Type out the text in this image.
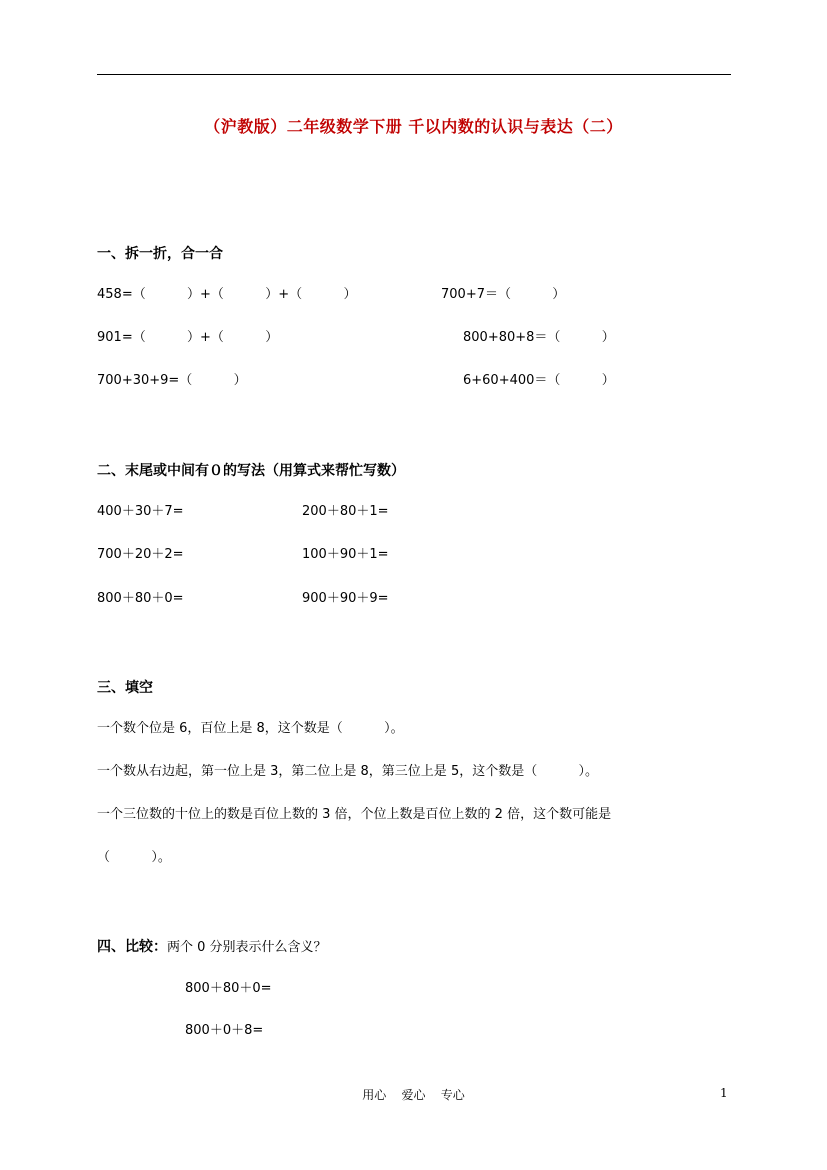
（沪教版）二年级数学下册 千以内数的认识与表达（二）
一、拆一折，合一合
458=（          ）+（          ）+（          ）	700+7＝（          ）
901=（          ）+（          ）	800+80+8＝（          ）
700+30+9=（          ）	6+60+400＝（          ）
二、末尾或中间有０的写法（用算式来帮忙写数）
400＋30＋7=	200＋80＋1=
700＋20＋2=	100＋90＋1=
800＋80＋0=	900＋90＋9=
三、填空
一个数个位是 6，百位上是 8，这个数是（          ）。
一个数从右边起，第一位上是 3，第二位上是 8，第三位上是 5，这个数是（          ）。
一个三位数的十位上的数是百位上数的 3 倍，个位上数是百位上数的 2 倍，这个数可能是
（          ）。
四、比较：两个 0 分别表示什么含义？
800＋80＋0=
800＋0＋8=
用心    爱心    专心	1
